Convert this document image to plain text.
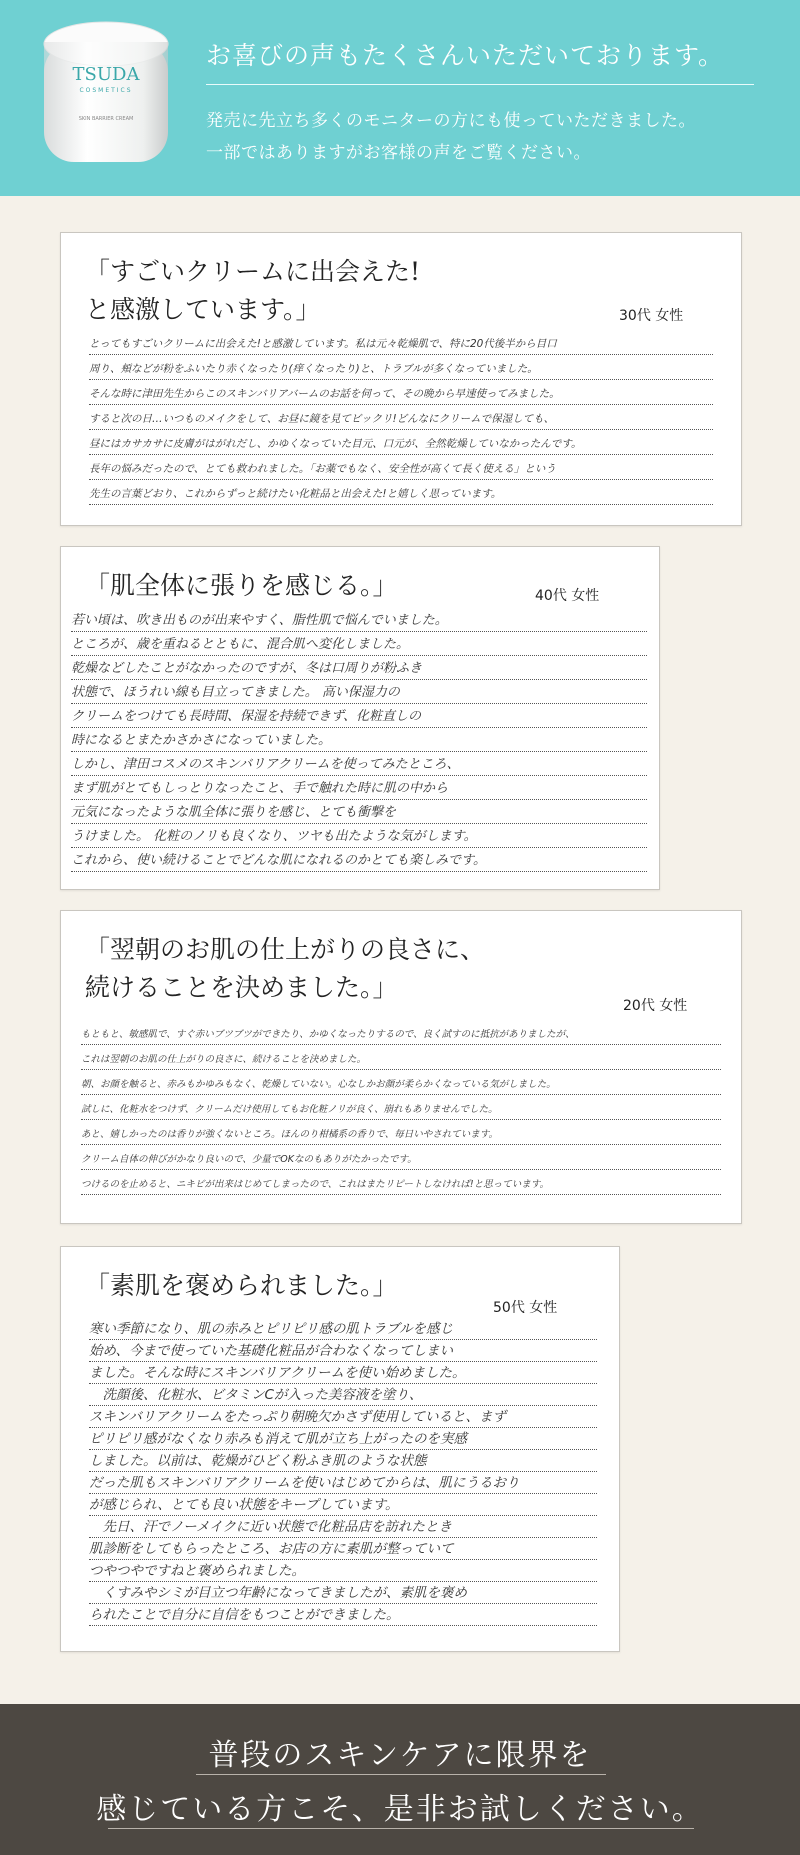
TSUDA
COSMETICS
SKIN BARRIER CREAM
お喜びの声もたくさんいただいております。
発売に先立ち多くのモニターの方にも使っていただきました。
一部ではありますがお客様の声をご覧ください。
「すごいクリームに出会えた!
と感激しています。」	30代 女性
とってもすごいクリームに出会えた!と感激しています。私は元々乾燥肌で、特に20代後半から目口
周り、頬などが粉をふいたり赤くなったり(痒くなったり)と、トラブルが多くなっていました。
そんな時に津田先生からこのスキンバリアバームのお話を伺って、その晩から早速使ってみました。
すると次の日…いつものメイクをして、お昼に鏡を見てビックリ!どんなにクリームで保湿しても、
昼にはカサカサに皮膚がはがれだし、かゆくなっていた目元、口元が、全然乾燥していなかったんです。
長年の悩みだったので、とても救われました。「お薬でもなく、安全性が高くて長く使える」という
先生の言葉どおり、これからずっと続けたい化粧品と出会えた!と嬉しく思っています。
「肌全体に張りを感じる。」	40代 女性
若い頃は、吹き出ものが出来やすく、脂性肌で悩んでいました。
ところが、歳を重ねるとともに、混合肌へ変化しました。
乾燥などしたことがなかったのですが、冬は口周りが粉ふき
状態で、ほうれい線も目立ってきました。 高い保湿力の
クリームをつけても長時間、保湿を持続できず、化粧直しの
時になるとまたかさかさになっていました。
しかし、津田コスメのスキンバリアクリームを使ってみたところ、
まず肌がとてもしっとりなったこと、手で触れた時に肌の中から
元気になったような肌全体に張りを感じ、とても衝撃を
うけました。 化粧のノリも良くなり、ツヤも出たような気がします。
これから、使い続けることでどんな肌になれるのかとても楽しみです。
「翌朝のお肌の仕上がりの良さに、
続けることを決めました。」
20代 女性
もともと、敏感肌で、すぐ赤いブツブツができたり、かゆくなったりするので、良く試すのに抵抗がありましたが、
これは翌朝のお肌の仕上がりの良さに、続けることを決めました。
朝、お顔を触ると、赤みもかゆみもなく、乾燥していない。心なしかお顔が柔らかくなっている気がしました。
試しに、化粧水をつけず、クリームだけ使用してもお化粧ノリが良く、崩れもありませんでした。
あと、嬉しかったのは香りが強くないところ。ほんのり柑橘系の香りで、毎日いやされています。
クリーム自体の伸びがかなり良いので、少量でOKなのもありがたかったです。
つけるのを止めると、ニキビが出来はじめてしまったので、これはまたリピートしなければ!と思っています。
「素肌を褒められました。」
50代 女性
寒い季節になり、肌の赤みとピリピリ感の肌トラブルを感じ
始め、今まで使っていた基礎化粧品が合わなくなってしまい
ました。そんな時にスキンバリアクリームを使い始めました。
　洗顔後、化粧水、ビタミンCが入った美容液を塗り、
スキンバリアクリームをたっぷり朝晩欠かさず使用していると、まず
ピリピリ感がなくなり赤みも消えて肌が立ち上がったのを実感
しました。以前は、乾燥がひどく粉ふき肌のような状態
だった肌もスキンバリアクリームを使いはじめてからは、肌にうるおり
が感じられ、とても良い状態をキープしています。
　先日、汗でノーメイクに近い状態で化粧品店を訪れたとき
肌診断をしてもらったところ、お店の方に素肌が整っていて
つやつやですねと褒められました。
　くすみやシミが目立つ年齢になってきましたが、素肌を褒め
られたことで自分に自信をもつことができました。
普段のスキンケアに限界を
感じている方こそ、是非お試しください。
